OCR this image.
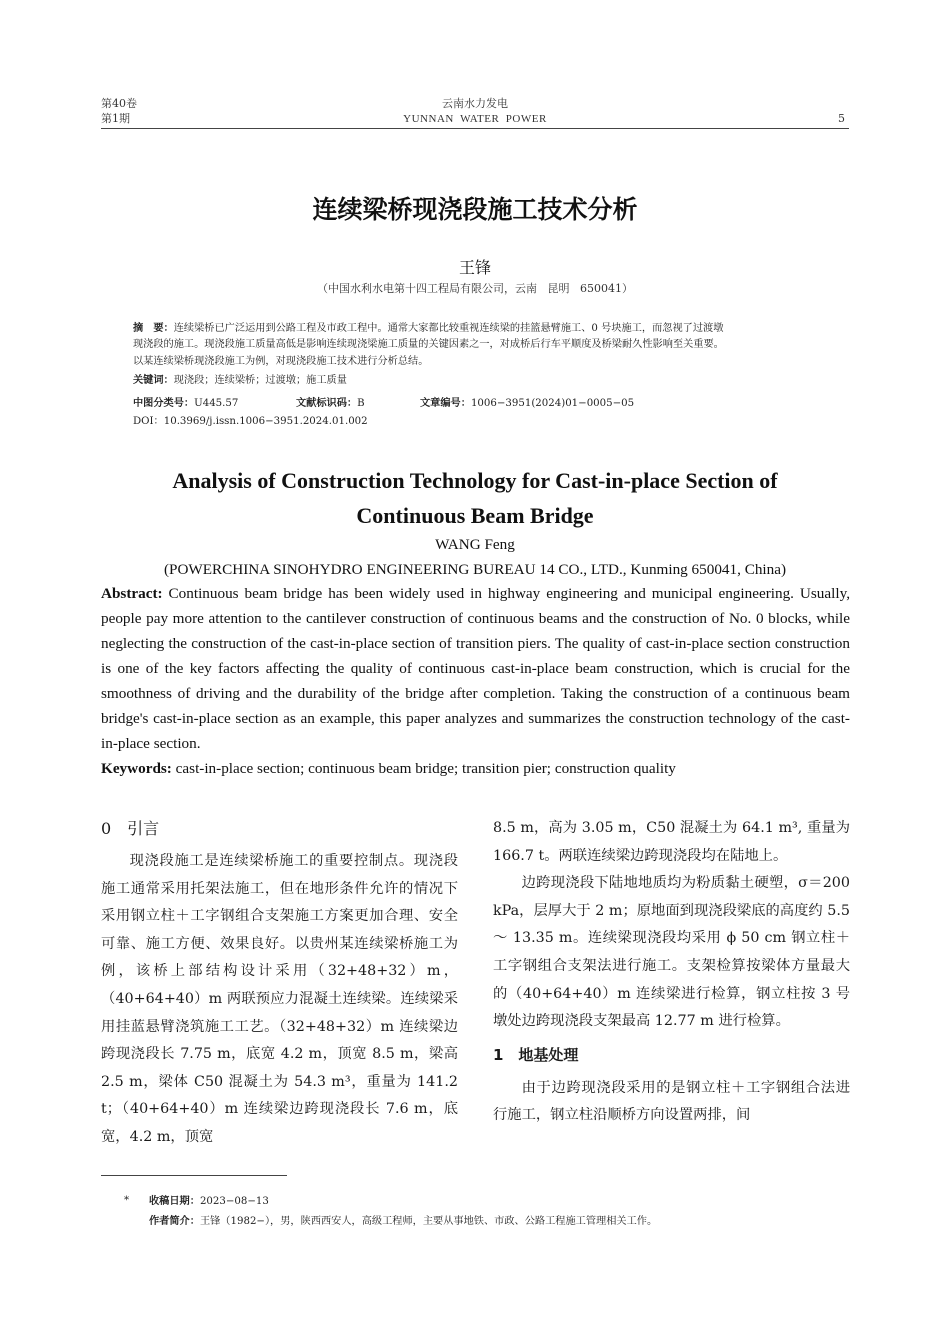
第40卷
第1期
云南水力发电
YUNNAN  WATER  POWER	5
连续梁桥现浇段施工技术分析
王锋
（中国水利水电第十四工程局有限公司，云南   昆明   650041）
摘　要：连续梁桥已广泛运用到公路工程及市政工程中。通常大家都比较重视连续梁的挂篮悬臂施工、0 号块施工，而忽视了过渡墩
现浇段的施工。现浇段施工质量高低是影响连续现浇梁施工质量的关键因素之一，对成桥后行车平顺度及桥梁耐久性影响至关重要。
以某连续梁桥现浇段施工为例，对现浇段施工技术进行分析总结。
关键词：现浇段；连续梁桥；过渡墩；施工质量
中图分类号：U445.57	文献标识码：B	文章编号：1006−3951(2024)01−0005−05
DOI：10.3969/j.issn.1006−3951.2024.01.002
Analysis of Construction Technology for Cast-in-place Section of
Continuous Beam Bridge
WANG Feng
(POWERCHINA SINOHYDRO ENGINEERING BUREAU 14 CO., LTD., Kunming 650041, China)
Abstract: Continuous beam bridge has been widely used in highway engineering and municipal engineering. Usually, people pay more attention to the cantilever construction of continuous beams and the construction of No. 0 blocks, while neglecting the construction of the cast-in-place section of transition piers. The quality of cast-in-place section construction is one of the key factors affecting the quality of continuous cast-in-place beam construction, which is crucial for the smoothness of driving and the durability of the bridge after completion. Taking the construction of a continuous beam bridge's cast-in-place section as an example, this paper analyzes and summarizes the construction technology of the cast-in-place section.
Keywords: cast-in-place section; continuous beam bridge; transition pier; construction quality
0　引言

现浇段施工是连续梁桥施工的重要控制点。现浇段施工通常采用托架法施工，但在地形条件允许的情况下采用钢立柱＋工字钢组合支架施工方案更加合理、安全可靠、施工方便、效果良好。以贵州某连续梁桥施工为例，该桥上部结构设计采用（32+48+32）m，（40+64+40）m 两联预应力混凝土连续梁。连续梁采用挂蓝悬臂浇筑施工工艺。（32+48+32）m 连续梁边跨现浇段长 7.75 m，底宽 4.2 m，顶宽 8.5 m，梁高 2.5 m，梁体 C50 混凝土为 54.3 m³，重量为 141.2 t；（40+64+40）m 连续梁边跨现浇段长 7.6 m，底宽，4.2 m，顶宽

8.5 m，高为 3.05 m，C50 混凝土为 64.1 m³, 重量为 166.7 t。两联连续梁边跨现浇段均在陆地上。

边跨现浇段下陆地地质均为粉质黏土硬塑，σ＝200 kPa，层厚大于 2 m；原地面到现浇段梁底的高度约 5.5 ～ 13.35 m。连续梁现浇段均采用 ϕ 50 cm 钢立柱＋工字钢组合支架法进行施工。支架检算按梁体方量最大的（40+64+40）m 连续梁进行检算，钢立柱按 3 号墩处边跨现浇段支架最高 12.77 m 进行检算。

1　地基处理

由于边跨现浇段采用的是钢立柱＋工字钢组合法进行施工，钢立柱沿顺桥方向设置两排，间

* 收稿日期：2023−08−13
作者简介：王锋（1982−），男，陕西西安人，高级工程师，主要从事地铁、市政、公路工程施工管理相关工作。
